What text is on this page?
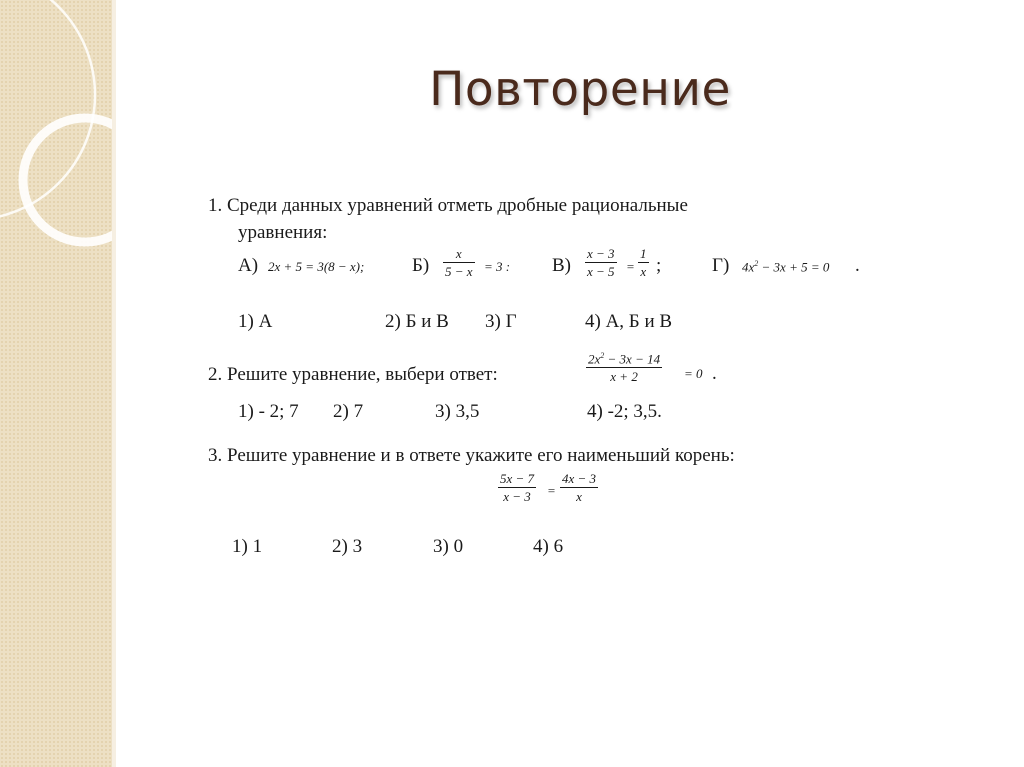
Повторение
1. Среди данных уравнений отметь дробные рациональные
уравнения:
А) 2x + 5 = 3(8 − x);	Б)
x
5 − x = 3 : В)
x − 3
x − 5 =
1
x ;	Г) $4x^2 - 3x + 5 = 0$ .
1) А	2) Б и В 3) Г	4) А, Б и В
2. Решите уравнение, выбери ответ:
$2x^2 - 3x - 14$
x + 2	= 0 .
1) - 2; 7 2) 7	3) 3,5	4) -2; 3,5.
3. Решите уравнение и в ответе укажите его наименьший корень:
5x − 7
x − 3 =
4x − 3
x
1) 1	2) 3	3) 0	4) 6
